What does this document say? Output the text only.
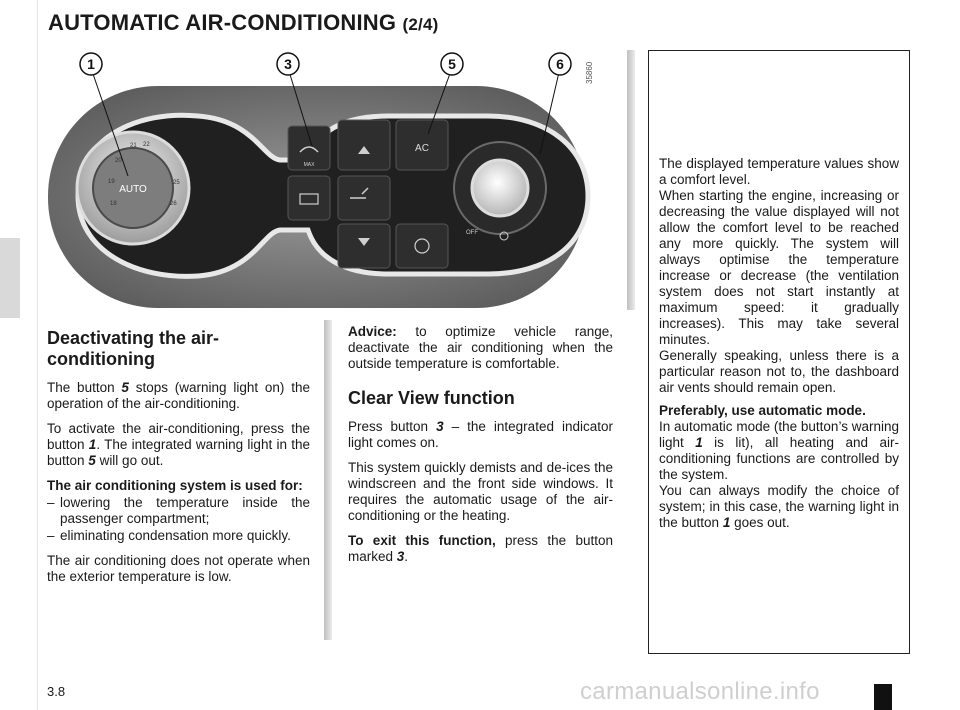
AUTOMATIC AIR-CONDITIONING (2/4)
AUTO
21 22
20
19
18
25
26
MAX
AC
OFF
35860
1	3	5	6
Deactivating the air-conditioning

The button 5 stops (warning light on) the operation of the air-conditioning.

To activate the air-conditioning, press the button 1. The integrated warning light in the button 5 will go out.

The air conditioning system is used for:

– lowering the temperature inside the passenger compartment;
– eliminating condensation more quickly.

The air conditioning does not operate when the exterior temperature is low.

Advice: to optimize vehicle range, deactivate the air conditioning when the outside temperature is comfortable.

Clear View function

Press button 3 – the integrated indicator light comes on.

This system quickly demists and de-ices the windscreen and the front side windows. It requires the automatic usage of the air-conditioning or the heating.

To exit this function, press the button marked 3.

The displayed temperature values show a comfort level.

When starting the engine, increasing or decreasing the value displayed will not allow the comfort level to be reached any more quickly. The system will always optimise the temperature increase or decrease (the ventilation system does not start instantly at maximum speed: it gradually increases). This may take several minutes.

Generally speaking, unless there is a particular reason not to, the dashboard air vents should remain open.

Preferably, use automatic mode.

In automatic mode (the button’s warning light 1 is lit), all heating and air-conditioning functions are controlled by the system.

You can always modify the choice of system; in this case, the warning light in the button 1 goes out.

3.8	carmanualsonline.info
